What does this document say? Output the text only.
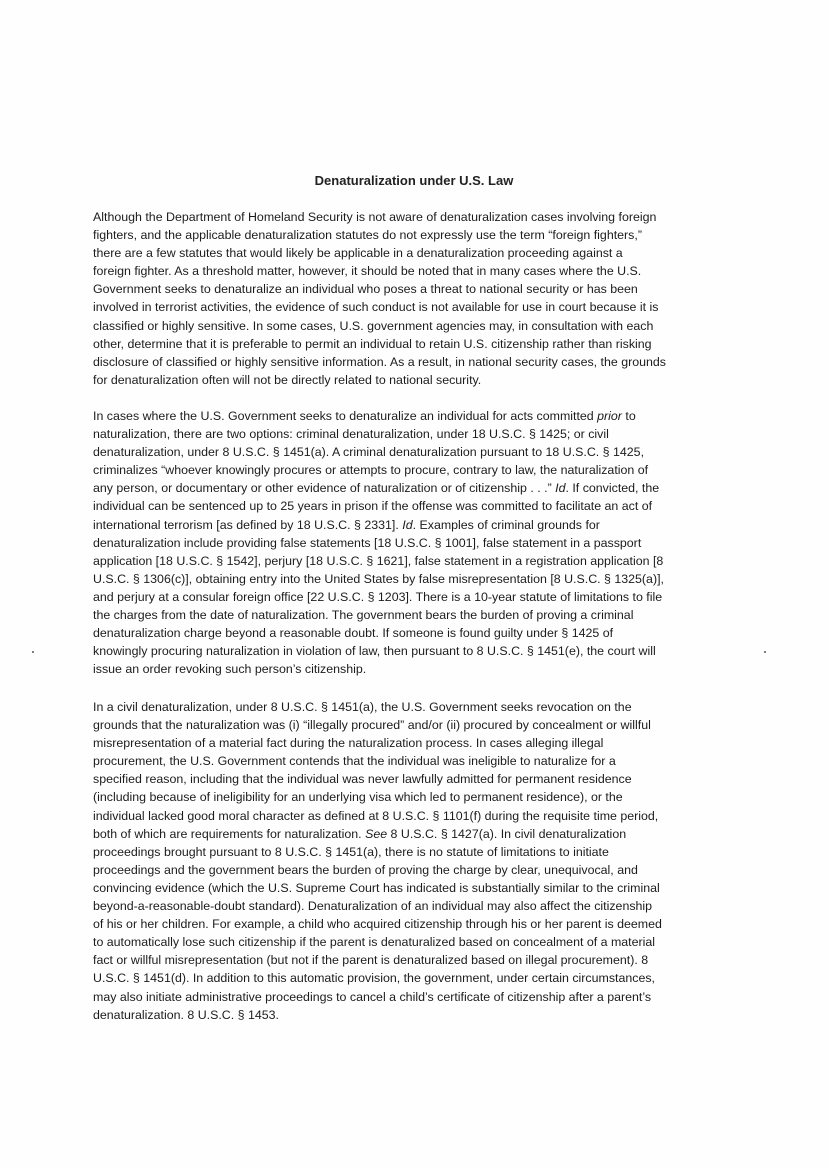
Denaturalization under U.S. Law
Although the Department of Homeland Security is not aware of denaturalization cases involving foreign
fighters, and the applicable denaturalization statutes do not expressly use the term “foreign fighters,”
there are a few statutes that would likely be applicable in a denaturalization proceeding against a
foreign fighter. As a threshold matter, however, it should be noted that in many cases where the U.S.
Government seeks to denaturalize an individual who poses a threat to national security or has been
involved in terrorist activities, the evidence of such conduct is not available for use in court because it is
classified or highly sensitive. In some cases, U.S. government agencies may, in consultation with each
other, determine that it is preferable to permit an individual to retain U.S. citizenship rather than risking
disclosure of classified or highly sensitive information. As a result, in national security cases, the grounds
for denaturalization often will not be directly related to national security.
In cases where the U.S. Government seeks to denaturalize an individual for acts committed prior to
naturalization, there are two options: criminal denaturalization, under 18 U.S.C. § 1425; or civil
denaturalization, under 8 U.S.C. § 1451(a). A criminal denaturalization pursuant to 18 U.S.C. § 1425,
criminalizes “whoever knowingly procures or attempts to procure, contrary to law, the naturalization of
any person, or documentary or other evidence of naturalization or of citizenship . . .” Id. If convicted, the
individual can be sentenced up to 25 years in prison if the offense was committed to facilitate an act of
international terrorism [as defined by 18 U.S.C. § 2331]. Id. Examples of criminal grounds for
denaturalization include providing false statements [18 U.S.C. § 1001], false statement in a passport
application [18 U.S.C. § 1542], perjury [18 U.S.C. § 1621], false statement in a registration application [8
U.S.C. § 1306(c)], obtaining entry into the United States by false misrepresentation [8 U.S.C. § 1325(a)],
and perjury at a consular foreign office [22 U.S.C. § 1203]. There is a 10-year statute of limitations to file
the charges from the date of naturalization. The government bears the burden of proving a criminal
denaturalization charge beyond a reasonable doubt. If someone is found guilty under § 1425 of
knowingly procuring naturalization in violation of law, then pursuant to 8 U.S.C. § 1451(e), the court will
issue an order revoking such person’s citizenship.
In a civil denaturalization, under 8 U.S.C. § 1451(a), the U.S. Government seeks revocation on the
grounds that the naturalization was (i) “illegally procured” and/or (ii) procured by concealment or willful
misrepresentation of a material fact during the naturalization process. In cases alleging illegal
procurement, the U.S. Government contends that the individual was ineligible to naturalize for a
specified reason, including that the individual was never lawfully admitted for permanent residence
(including because of ineligibility for an underlying visa which led to permanent residence), or the
individual lacked good moral character as defined at 8 U.S.C. § 1101(f) during the requisite time period,
both of which are requirements for naturalization. See 8 U.S.C. § 1427(a). In civil denaturalization
proceedings brought pursuant to 8 U.S.C. § 1451(a), there is no statute of limitations to initiate
proceedings and the government bears the burden of proving the charge by clear, unequivocal, and
convincing evidence (which the U.S. Supreme Court has indicated is substantially similar to the criminal
beyond-a-reasonable-doubt standard). Denaturalization of an individual may also affect the citizenship
of his or her children. For example, a child who acquired citizenship through his or her parent is deemed
to automatically lose such citizenship if the parent is denaturalized based on concealment of a material
fact or willful misrepresentation (but not if the parent is denaturalized based on illegal procurement). 8
U.S.C. § 1451(d). In addition to this automatic provision, the government, under certain circumstances,
may also initiate administrative proceedings to cancel a child’s certificate of citizenship after a parent’s
denaturalization. 8 U.S.C. § 1453.
